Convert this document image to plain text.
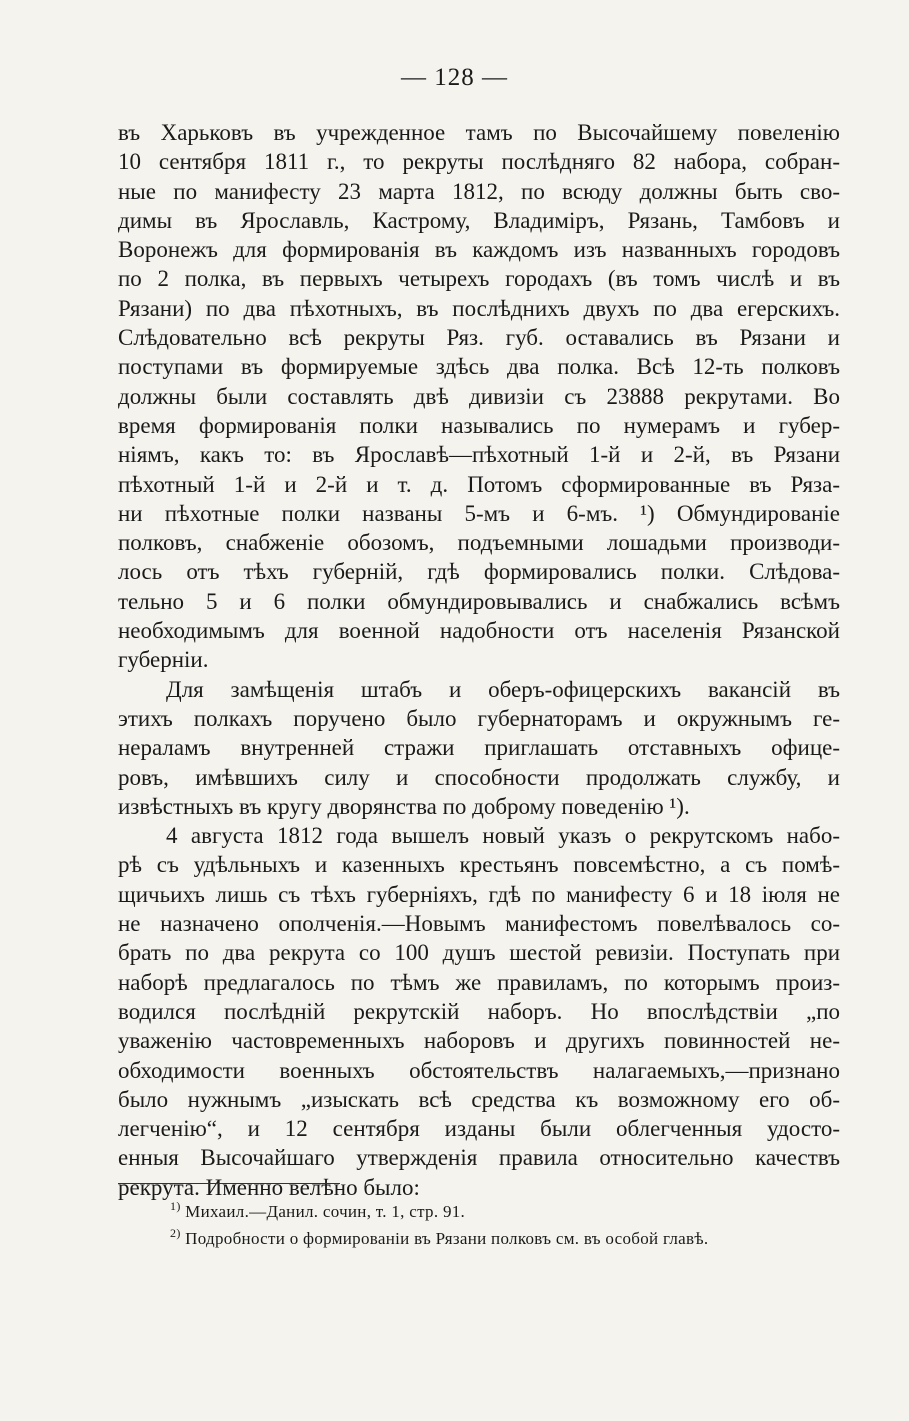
— 128 —
въ Харьковъ въ учрежденное тамъ по Высочайшему повеленію
10 сентября 1811 г., то рекруты послѣдняго 82 набора, собран-
ные по манифесту 23 марта 1812, по всюду должны быть сво-
димы въ Ярославль, Кастрому, Владиміръ, Рязань, Тамбовъ и
Воронежъ для формированія въ каждомъ изъ названныхъ городовъ
по 2 полка, въ первыхъ четырехъ городахъ (въ томъ числѣ и въ
Рязани) по два пѣхотныхъ, въ послѣднихъ двухъ по два егерскихъ.
Слѣдовательно всѣ рекруты Ряз. губ. оставались въ Рязани и
поступами въ формируемые здѣсь два полка. Всѣ 12-ть полковъ
должны были составлять двѣ дивизіи съ 23888 рекрутами. Во
время формированія полки назывались по нумерамъ и губер-
ніямъ, какъ то: въ Ярославѣ—пѣхотный 1-й и 2-й, въ Рязани
пѣхотный 1-й и 2-й и т. д. Потомъ сформированные въ Ряза-
ни пѣхотные полки названы 5-мъ и 6-мъ. ¹) Обмундированіе
полковъ, снабженіе обозомъ, подъемными лошадьми производи-
лось отъ тѣхъ губерній, гдѣ формировались полки. Слѣдова-
тельно 5 и 6 полки обмундировывались и снабжались всѣмъ
необходимымъ для военной надобности отъ населенія Рязанской
губерніи.
Для замѣщенія штабъ и оберъ-офицерскихъ вакансій въ
этихъ полкахъ поручено было губернаторамъ и окружнымъ ге-
нераламъ внутренней стражи приглашать отставныхъ офице-
ровъ, имѣвшихъ силу и способности продолжать службу, и
извѣстныхъ въ кругу дворянства по доброму поведенію ¹).
4 августа 1812 года вышелъ новый указъ о рекрутскомъ набо-
рѣ съ удѣльныхъ и казенныхъ крестьянъ повсемѣстно, а съ помѣ-
щичьихъ лишь съ тѣхъ губерніяхъ, гдѣ по манифесту 6 и 18 іюля не
не назначено ополченія.—Новымъ манифестомъ повелѣвалось со-
брать по два рекрута со 100 душъ шестой ревизіи. Поступать при
наборѣ предлагалось по тѣмъ же правиламъ, по которымъ произ-
водился послѣдній рекрутскій наборъ. Но впослѣдствіи „по
уваженію частовременныхъ наборовъ и другихъ повинностей не-
обходимости военныхъ обстоятельствъ налагаемыхъ,—признано
было нужнымъ „изыскать всѣ средства къ возможному его об-
легченію“, и 12 сентября изданы были облегченныя удосто-
енныя Высочайшаго утвержденія правила относительно качествъ
рекрута. Именно велѣно было:
$^{1)}$ Михаил.—Данил. сочин, т. 1, стр. 91.
$^{2)}$ Подробности о формированіи въ Рязани полковъ см. въ особой главѣ.
